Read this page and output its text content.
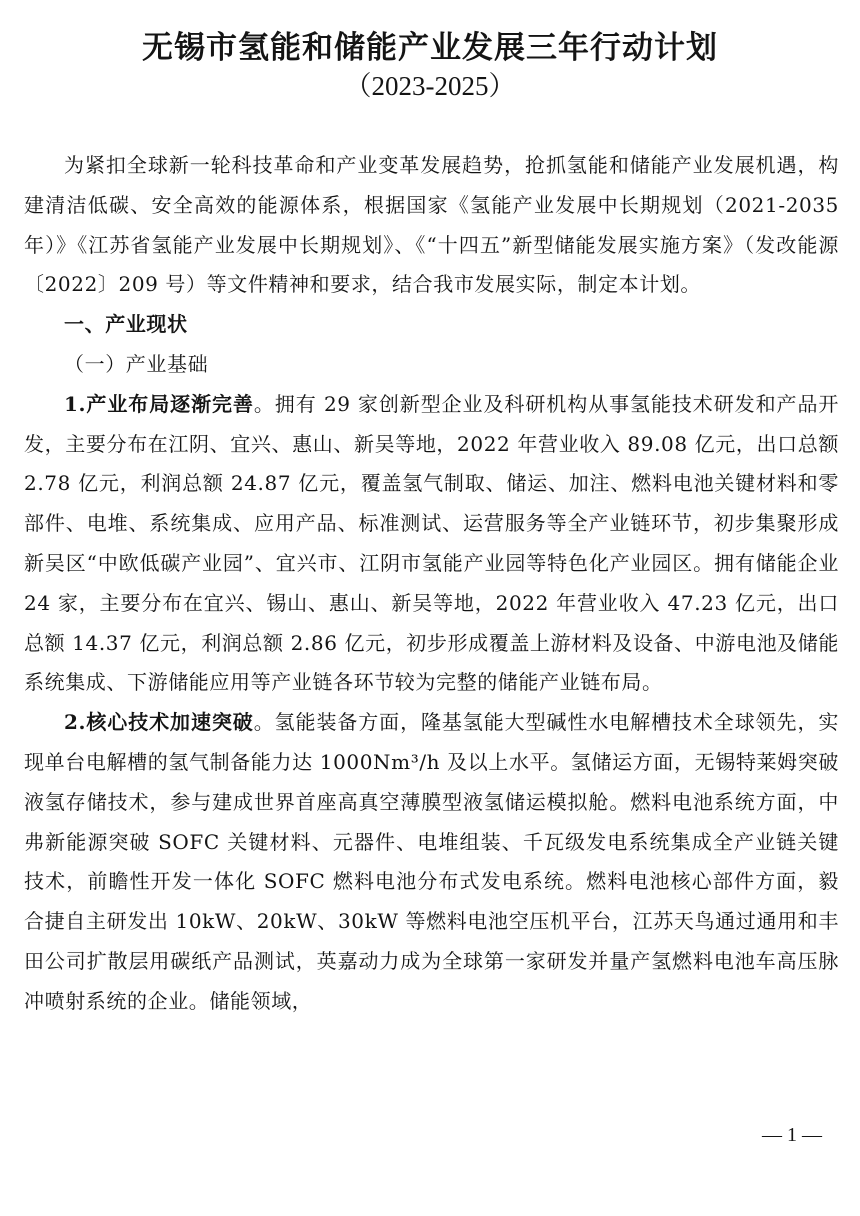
无锡市氢能和储能产业发展三年行动计划
（2023-2025）

为紧扣全球新一轮科技革命和产业变革发展趋势，抢抓氢能和储能产业发展机遇，构建清洁低碳、安全高效的能源体系，根据国家《氢能产业发展中长期规划（2021-2035 年）》《江苏省氢能产业发展中长期规划》、《“十四五”新型储能发展实施方案》（发改能源〔2022〕209 号）等文件精神和要求，结合我市发展实际，制定本计划。

一、产业现状

（一）产业基础

1.产业布局逐渐完善。拥有 29 家创新型企业及科研机构从事氢能技术研发和产品开发，主要分布在江阴、宜兴、惠山、新吴等地，2022 年营业收入 89.08 亿元，出口总额 2.78 亿元，利润总额 24.87 亿元，覆盖氢气制取、储运、加注、燃料电池关键材料和零部件、电堆、系统集成、应用产品、标准测试、运营服务等全产业链环节，初步集聚形成新吴区“中欧低碳产业园”、宜兴市、江阴市氢能产业园等特色化产业园区。拥有储能企业 24 家，主要分布在宜兴、锡山、惠山、新吴等地，2022 年营业收入 47.23 亿元，出口总额 14.37 亿元，利润总额 2.86 亿元，初步形成覆盖上游材料及设备、中游电池及储能系统集成、下游储能应用等产业链各环节较为完整的储能产业链布局。

2.核心技术加速突破。氢能装备方面，隆基氢能大型碱性水电解槽技术全球领先，实现单台电解槽的氢气制备能力达 1000Nm³/h 及以上水平。氢储运方面，无锡特莱姆突破液氢存储技术，参与建成世界首座高真空薄膜型液氢储运模拟舱。燃料电池系统方面，中弗新能源突破 SOFC 关键材料、元器件、电堆组装、千瓦级发电系统集成全产业链关键技术，前瞻性开发一体化 SOFC 燃料电池分布式发电系统。燃料电池核心部件方面，毅合捷自主研发出 10kW、20kW、30kW 等燃料电池空压机平台，江苏天鸟通过通用和丰田公司扩散层用碳纸产品测试，英嘉动力成为全球第一家研发并量产氢燃料电池车高压脉冲喷射系统的企业。储能领域，

— 1 —
